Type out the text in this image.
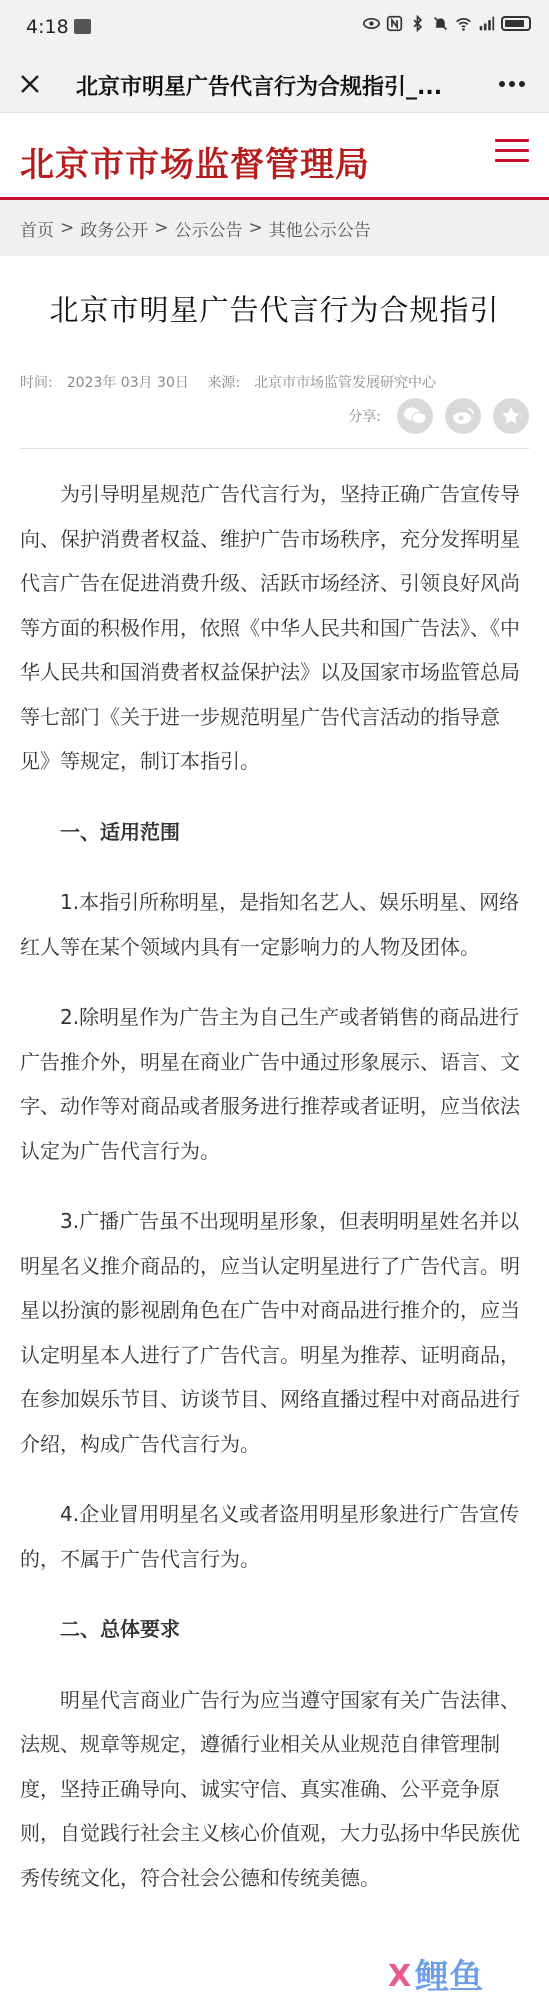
4:18
北京市明星广告代言行为合规指引_...
北京市市场监督管理局
首页 > 政务公开 > 公示公告 > 其他公示公告
北京市明星广告代言行为合规指引
时间: 2023年 03月 30日 来源: 北京市市场监管发展研究中心
分享:

为引导明星规范广告代言行为，坚持正确广告宣传导向、保护消费者权益、维护广告市场秩序，充分发挥明星代言广告在促进消费升级、活跃市场经济、引领良好风尚等方面的积极作用，依照《中华人民共和国广告法》、《中华人民共和国消费者权益保护法》以及国家市场监管总局等七部门《关于进一步规范明星广告代言活动的指导意见》等规定，制订本指引。

一、适用范围

1.本指引所称明星，是指知名艺人、娱乐明星、网络红人等在某个领域内具有一定影响力的人物及团体。

2.除明星作为广告主为自己生产或者销售的商品进行广告推介外，明星在商业广告中通过形象展示、语言、文字、动作等对商品或者服务进行推荐或者证明，应当依法认定为广告代言行为。

3.广播广告虽不出现明星形象，但表明明星姓名并以明星名义推介商品的，应当认定明星进行了广告代言。明星以扮演的影视剧角色在广告中对商品进行推介的，应当认定明星本人进行了广告代言。明星为推荐、证明商品，在参加娱乐节目、访谈节目、网络直播过程中对商品进行介绍，构成广告代言行为。

4.企业冒用明星名义或者盗用明星形象进行广告宣传的，不属于广告代言行为。

二、总体要求

明星代言商业广告行为应当遵守国家有关广告法律、法规、规章等规定，遵循行业相关从业规范自律管理制度，坚持正确导向、诚实守信、真实准确、公平竞争原则，自觉践行社会主义核心价值观，大力弘扬中华民族优秀传统文化，符合社会公德和传统美德。

X 鲤鱼
